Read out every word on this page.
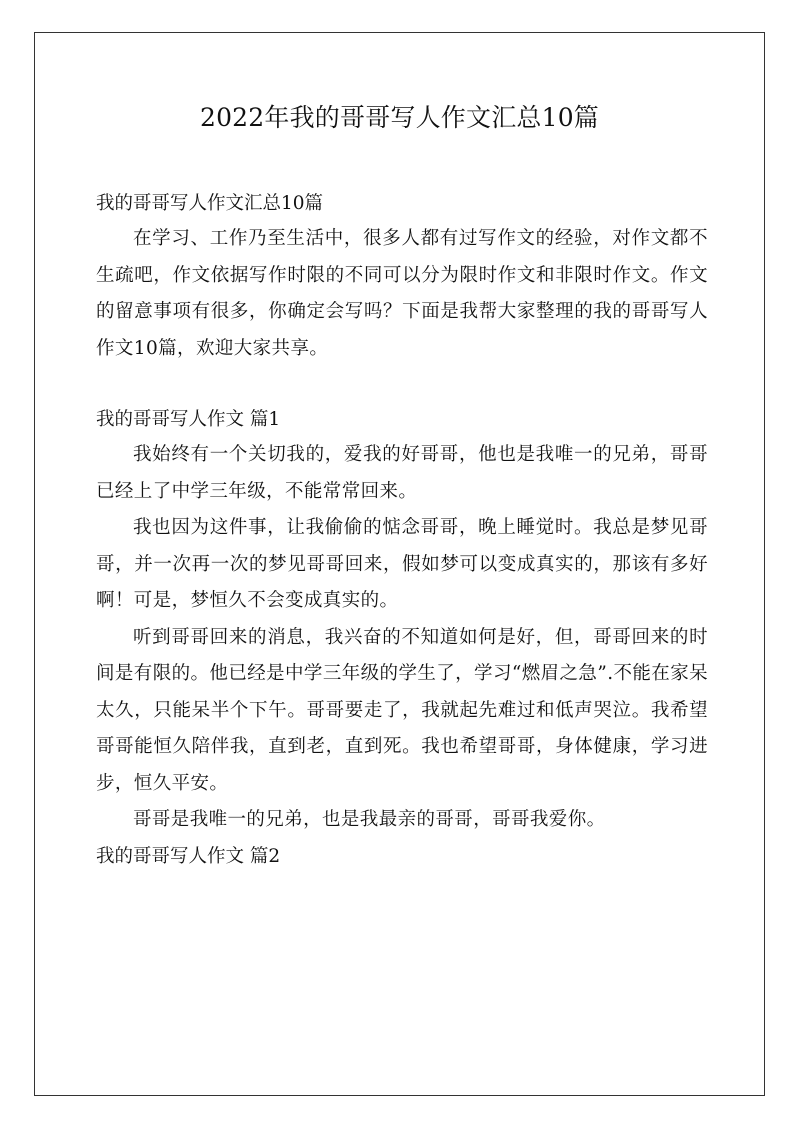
2022年我的哥哥写人作文汇总10篇

我的哥哥写人作文汇总10篇

在学习、工作乃至生活中，很多人都有过写作文的经验，对作文都不生疏吧，作文依据写作时限的不同可以分为限时作文和非限时作文。作文的留意事项有很多，你确定会写吗？下面是我帮大家整理的我的哥哥写人作文10篇，欢迎大家共享。

我的哥哥写人作文 篇1

我始终有一个关切我的，爱我的好哥哥，他也是我唯一的兄弟，哥哥已经上了中学三年级，不能常常回来。

我也因为这件事，让我偷偷的惦念哥哥，晚上睡觉时。我总是梦见哥哥，并一次再一次的梦见哥哥回来，假如梦可以变成真实的，那该有多好啊！可是，梦恒久不会变成真实的。

听到哥哥回来的消息，我兴奋的不知道如何是好，但，哥哥回来的时间是有限的。他已经是中学三年级的学生了，学习“燃眉之急”.不能在家呆太久，只能呆半个下午。哥哥要走了，我就起先难过和低声哭泣。我希望哥哥能恒久陪伴我，直到老，直到死。我也希望哥哥，身体健康，学习进步，恒久平安。

哥哥是我唯一的兄弟，也是我最亲的哥哥，哥哥我爱你。

我的哥哥写人作文 篇2
